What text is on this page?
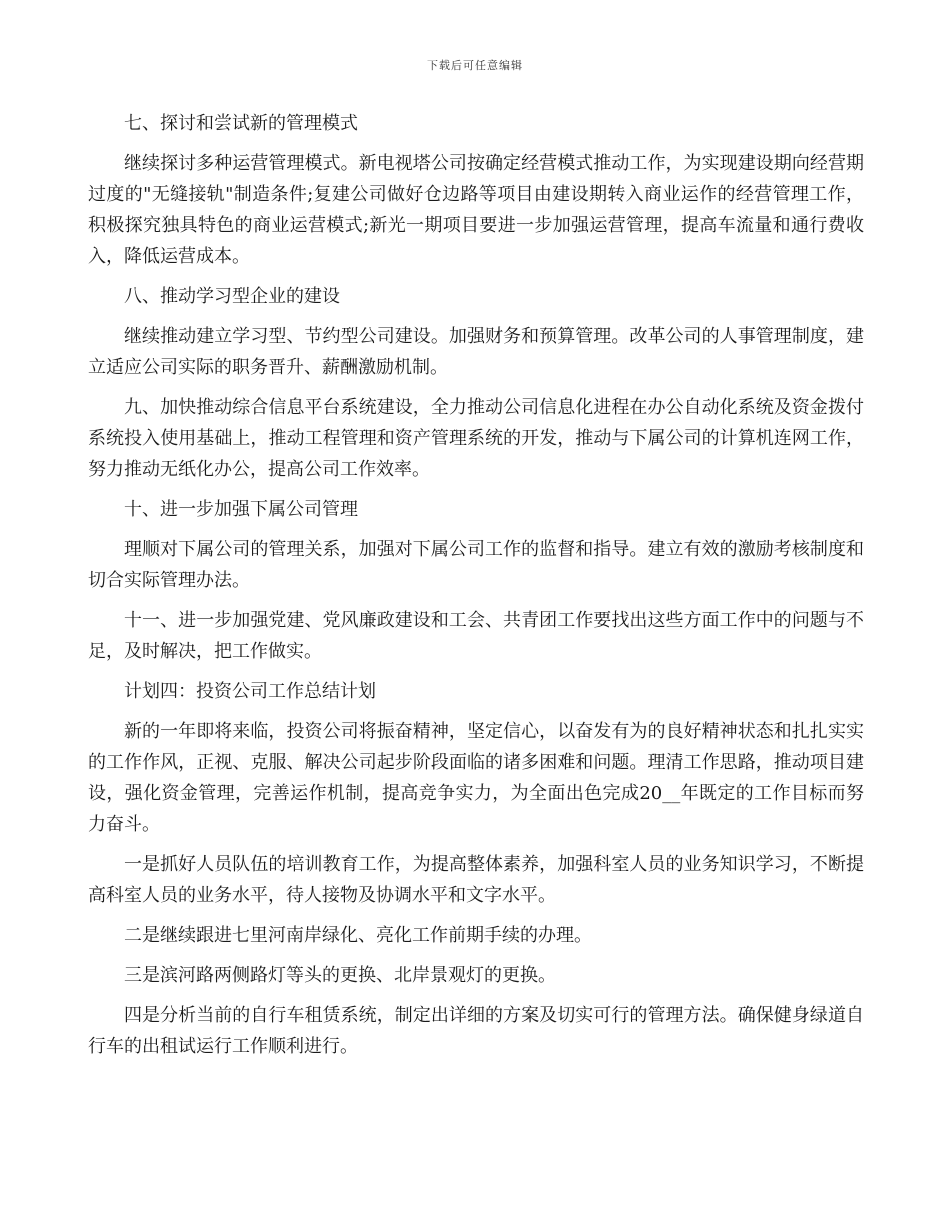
下载后可任意编辑

七、探讨和尝试新的管理模式

继续探讨多种运营管理模式。新电视塔公司按确定经营模式推动工作，为实现建设期向经营期过度的"无缝接轨"制造条件;复建公司做好仓边路等项目由建设期转入商业运作的经营管理工作，积极探究独具特色的商业运营模式;新光一期项目要进一步加强运营管理，提高车流量和通行费收入，降低运营成本。

八、推动学习型企业的建设

继续推动建立学习型、节约型公司建设。加强财务和预算管理。改革公司的人事管理制度，建立适应公司实际的职务晋升、薪酬激励机制。

九、加快推动综合信息平台系统建设，全力推动公司信息化进程在办公自动化系统及资金拨付系统投入使用基础上，推动工程管理和资产管理系统的开发，推动与下属公司的计算机连网工作，努力推动无纸化办公，提高公司工作效率。

十、进一步加强下属公司管理

理顺对下属公司的管理关系，加强对下属公司工作的监督和指导。建立有效的激励考核制度和切合实际管理办法。

十一、进一步加强党建、党风廉政建设和工会、共青团工作要找出这些方面工作中的问题与不足，及时解决，把工作做实。

计划四：投资公司工作总结计划

新的一年即将来临，投资公司将振奋精神，坚定信心，以奋发有为的良好精神状态和扎扎实实的工作作风，正视、克服、解决公司起步阶段面临的诸多困难和问题。理清工作思路，推动项目建设，强化资金管理，完善运作机制，提高竞争实力，为全面出色完成20__年既定的工作目标而努力奋斗。

一是抓好人员队伍的培训教育工作，为提高整体素养，加强科室人员的业务知识学习，不断提高科室人员的业务水平，待人接物及协调水平和文字水平。

二是继续跟进七里河南岸绿化、亮化工作前期手续的办理。

三是滨河路两侧路灯等头的更换、北岸景观灯的更换。

四是分析当前的自行车租赁系统，制定出详细的方案及切实可行的管理方法。确保健身绿道自行车的出租试运行工作顺利进行。
